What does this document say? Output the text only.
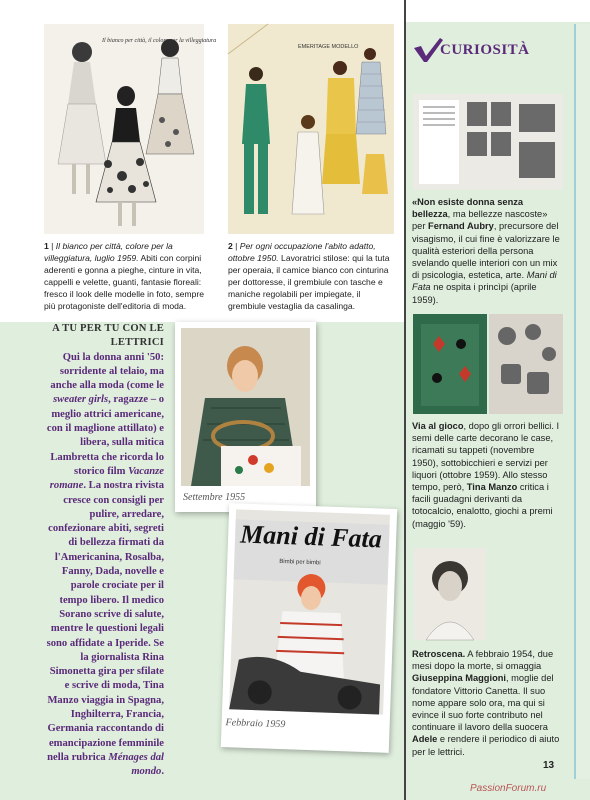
Il bianco per città, il colore per la villeggiatura
1 | Il bianco per città, colore per la villeggiatura, luglio 1959. Abiti con corpini aderenti e gonna a pieghe, cinture in vita, cappelli e velette, guanti, fantasie floreali: fresco il look delle modelle in foto, sempre più protagoniste dell'editoria di moda.
EMERITAGE MODELLO
2 | Per ogni occupazione l'abito adatto, ottobre 1950. Lavoratrici stilose: qui la tuta per operaia, il camice bianco con cinturina per dottoresse, il grembiule con tasche e maniche regolabili per impiegate, il grembiule vestaglia da casalinga.
A TU PER TU CON LE LETTRICI
Qui la donna anni '50: sorridente al telaio, ma anche alla moda (come le sweater girls, ragazze – o meglio attrici americane, con il maglione attillato) e libera, sulla mitica Lambretta che ricorda lo storico film Vacanze romane. La nostra rivista cresce con consigli per pulire, arredare, confezionare abiti, segreti di bellezza firmati da l'Americanina, Rosalba, Fanny, Dada, novelle e parole crociate per il tempo libero. Il medico Sorano scrive di salute, mentre le questioni legali sono affidate a Iperide. Se la giornalista Rina Simonetta gira per sfilate e scrive di moda, Tina Manzo viaggia in Spagna, Inghilterra, Francia, Germania raccontando di emancipazione femminile nella rubrica Ménages dal mondo.
Settembre 1955
Mani di Fata
Bimbi per bimbi
Febbraio 1959
CURIOSITÀ
«Non esiste donna senza bellezza, ma bellezze nascoste» per Fernand Aubry, precursore del visagismo, il cui fine è valorizzare le qualità esteriori della persona svelando quelle interiori con un mix di psicologia, estetica, arte. Mani di Fata ne ospita i princìpi (aprile 1959).
Via al gioco, dopo gli orrori bellici. I semi delle carte decorano le case, ricamati su tappeti (novembre 1950), sottobicchieri e servizi per liquori (ottobre 1959). Allo stesso tempo, però, Tina Manzo critica i facili guadagni derivanti da totocalcio, enalotto, giochi a premi (maggio '59).
Retroscena. A febbraio 1954, due mesi dopo la morte, si omaggia Giuseppina Maggioni, moglie del fondatore Vittorio Canetta. Il suo nome appare solo ora, ma qui si evince il suo forte contributo nel continuare il lavoro della suocera Adele e rendere il periodico di aiuto per le lettrici.
13
PassionForum.ru
